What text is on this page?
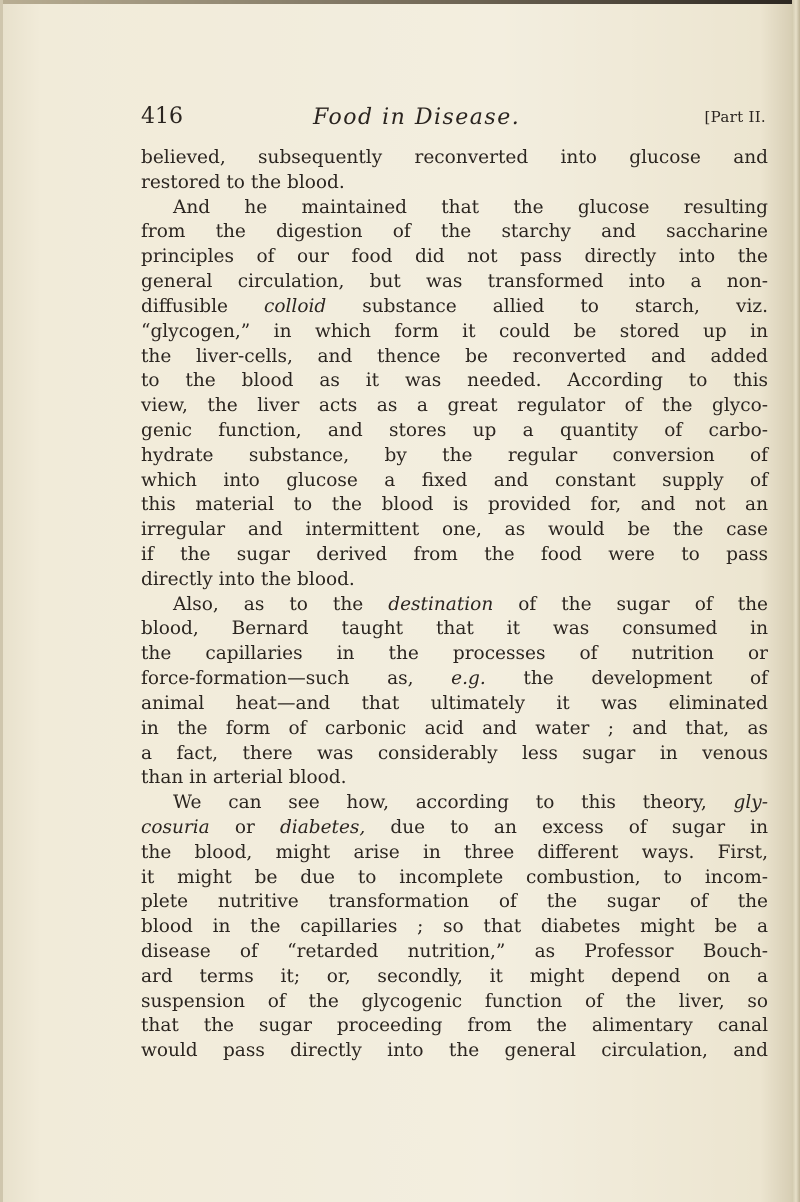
416	Food in Disease.	[Part II.
believed, subsequently reconverted into glucose and
restored to the blood.
And he maintained that the glucose resulting
from the digestion of the starchy and saccharine
principles of our food did not pass directly into the
general circulation, but was transformed into a non-
diffusible colloid substance allied to starch, viz.
“glycogen,” in which form it could be stored up in
the liver-cells, and thence be reconverted and added
to the blood as it was needed. According to this
view, the liver acts as a great regulator of the glyco-
genic function, and stores up a quantity of carbo-
hydrate substance, by the regular conversion of
which into glucose a fixed and constant supply of
this material to the blood is provided for, and not an
irregular and intermittent one, as would be the case
if the sugar derived from the food were to pass
directly into the blood.
Also, as to the destination of the sugar of the
blood, Bernard taught that it was consumed in
the capillaries in the processes of nutrition or
force-formation—such as, e.g. the development of
animal heat—and that ultimately it was eliminated
in the form of carbonic acid and water ; and that, as
a fact, there was considerably less sugar in venous
than in arterial blood.
We can see how, according to this theory, gly-
cosuria or diabetes, due to an excess of sugar in
the blood, might arise in three different ways. First,
it might be due to incomplete combustion, to incom-
plete nutritive transformation of the sugar of the
blood in the capillaries ; so that diabetes might be a
disease of “retarded nutrition,” as Professor Bouch-
ard terms it; or, secondly, it might depend on a
suspension of the glycogenic function of the liver, so
that the sugar proceeding from the alimentary canal
would pass directly into the general circulation, and
